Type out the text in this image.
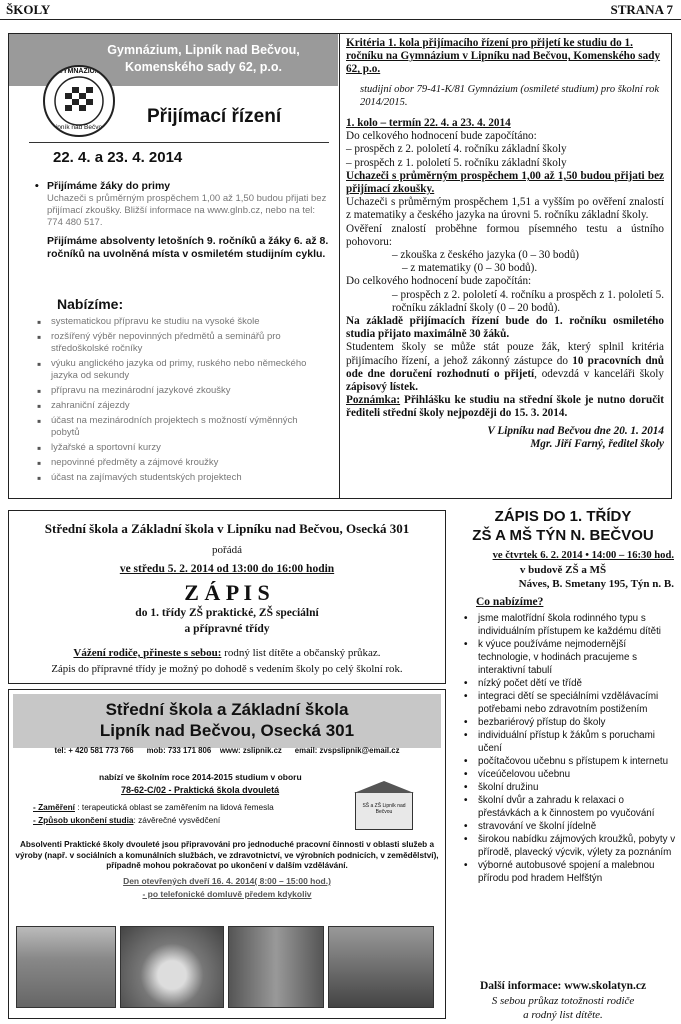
ŠKOLY	STRANA 7
Gymnázium, Lipník nad Bečvou,
Komenského sady 62, p.o.
GYMNÁZIUM
Lipník nad Bečvou
Přijímací řízení
22. 4. a 23. 4. 2014
• Přijímáme žáky do primy
Uchazeči s průměrným prospěchem 1,00 až 1,50 budou přijati bez přijímací zkoušky. Bližší informace na www.glnb.cz, nebo na tel: 774 480 517.
• Přijímáme absolventy letošních 9. ročníků a žáky 6. až 8. ročníků na uvolněná místa v osmiletém studijním cyklu.
Nabízíme:
▪ systematickou přípravu ke studiu na vysoké škole
▪ rozšířený výběr nepovinných předmětů a seminářů pro středoškolské ročníky
▪ výuku anglického jazyka od primy, ruského nebo německého jazyka od sekundy
▪ přípravu na mezinárodní jazykové zkoušky
▪ zahraniční zájezdy
▪ účast na mezinárodních projektech s možností výměnných pobytů
▪ lyžařské a sportovní kurzy
▪ nepovinné předměty a zájmové kroužky
▪ účast na zajímavých studentských projektech

Kritéria 1. kola přijímacího řízení pro přijetí ke studiu do 1. ročníku na Gymnázium v Lipníku nad Bečvou, Komenského sady 62, p.o.

studijní obor 79-41-K/81 Gymnázium (osmileté studium) pro školní rok 2014/2015.

1. kolo – termín 22. 4. a 23. 4. 2014

Do celkového hodnocení bude započítáno:

– prospěch z 2. pololetí 4. ročníku základní školy

– prospěch z 1. pololetí 5. ročníku základní školy

Uchazeči s průměrným prospěchem 1,00 až 1,50 budou přijati bez přijímací zkoušky.

Uchazeči s průměrným prospěchem 1,51 a vyšším po ověření znalostí z matematiky a českého jazyka na úrovni 5. ročníku základní školy.

Ověření znalostí proběhne formou písemného testu a ústního pohovoru:

– zkouška z českého jazyka (0 – 30 bodů)

– z matematiky (0 – 30 bodů).

Do celkového hodnocení bude započítán:

– prospěch z 2. pololetí 4. ročníku a prospěch z 1. pololetí 5. ročníku základní školy (0 – 20 bodů).

Na základě přijímacích řízení bude do 1. ročníku osmiletého studia přijato maximálně 30 žáků.

Studentem školy se může stát pouze žák, který splnil kritéria přijímacího řízení, a jehož zákonný zástupce do 10 pracovních dnů ode dne doručení rozhodnutí o přijetí, odevzdá v kanceláři školy zápisový lístek.

Poznámka: Přihlášku ke studiu na střední škole je nutno doručit řediteli střední školy nejpozději do 15. 3. 2014.

V Lipníku nad Bečvou dne 20. 1. 2014

Mgr. Jiří Farný, ředitel školy

Střední škola a Základní škola v Lipníku nad Bečvou, Osecká 301
pořádá
ve středu 5. 2. 2014 od 13:00 do 16:00 hodin
Z Á P I S
do 1. třídy ZŠ praktické, ZŠ speciální
a přípravné třídy
Vážení rodiče, přineste s sebou: rodný list dítěte a občanský průkaz.
Zápis do přípravné třídy je možný po dohodě s vedením školy po celý školní rok.
Střední škola a Základní škola
Lipník nad Bečvou, Osecká 301
tel: + 420 581 773 766      mob: 733 171 806    www: zslipnik.cz      email: zvspslipnik@email.cz
nabízí ve školním roce 2014-2015 studium v oboru
78-62-C/02 - Praktická škola dvouletá
- Zaměření : terapeutická oblast se zaměřením na lidová řemesla
- Způsob ukončení studia: závěrečné vysvědčení
SŠ a ZŠ Lipník nad Bečvou
Absolventi Praktické školy dvouleté jsou připravováni pro jednoduché pracovní činnosti v oblasti služeb a výroby (např. v sociálních a komunálních službách, ve zdravotnictví, ve výrobních podnicích, v zemědělství), případně mohou pokračovat po ukončení v dalším vzdělávání.
Den otevřených dveří 16. 4. 2014( 8:00 – 15:00 hod.)
- po telefonické domluvě předem kdykoliv
ZÁPIS DO 1. TŘÍDY
ZŠ A MŠ TÝN N. BEČVOU
ve čtvrtek 6. 2. 2014 • 14:00 – 16:30 hod.
v budově ZŠ a MŠ
Náves, B. Smetany 195, Týn n. B.
Co nabízíme?
• jsme malotřídní škola rodinného typu s individuálním přístupem ke každému dítěti
• k výuce používáme nejmodernější technologie, v hodinách pracujeme s interaktivní tabulí
• nízký počet dětí ve třídě
• integraci dětí se speciálními vzdělávacími potřebami nebo zdravotním postižením
• bezbariérový přístup do školy
• individuální přístup k žákům s poruchami učení
• počítačovou učebnu s přístupem k internetu
• víceúčelovou učebnu
• školní družinu
• školní dvůr a zahradu k relaxaci o přestávkách a k činnostem po vyučování
• stravování ve školní jídelně
• širokou nabídku zájmových kroužků, pobyty v přírodě, plavecký výcvik, výlety za poznáním
• výborné autobusové spojení a malebnou přírodu pod hradem Helfštýn
Další informace: www.skolatyn.cz
S sebou průkaz totožnosti rodiče
a rodný list dítěte.
